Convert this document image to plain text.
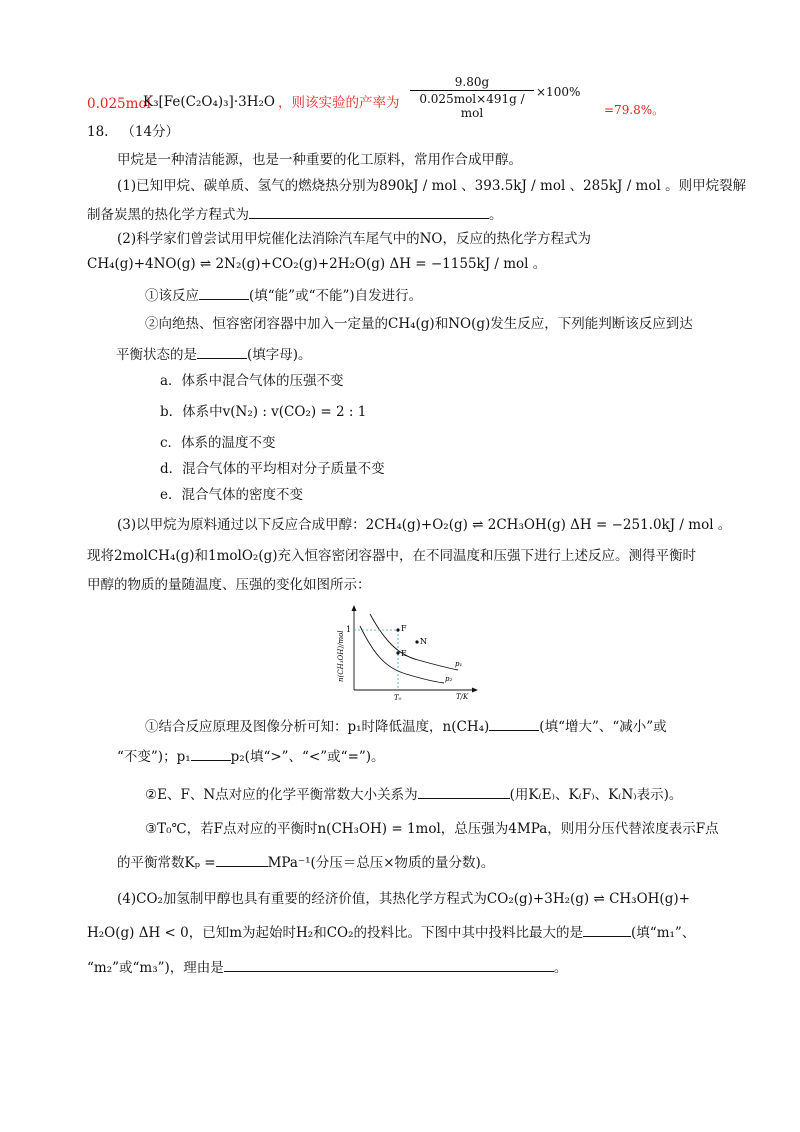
0.025mol
K₃[Fe(C₂O₄)₃]·3H₂O ，则该实验的产率为
9.80g
0.025mol×491g / mol
×100%
=79.8%。
18. （14分）
甲烷是一种清洁能源，也是一种重要的化工原料，常用作合成甲醇。
(1)已知甲烷、碳单质、氢气的燃烧热分别为890kJ / mol 、393.5kJ / mol 、285kJ / mol 。则甲烷裂解
制备炭黑的热化学方程式为	。
(2)科学家们曾尝试用甲烷催化法消除汽车尾气中的NO，反应的热化学方程式为
CH₄(g)+4NO(g) ⇌ 2N₂(g)+CO₂(g)+2H₂O(g) ΔH = −1155kJ / mol 。
①该反应	(填“能”或“不能”)自发进行。
②向绝热、恒容密闭容器中加入一定量的CH₄(g)和NO(g)发生反应，下列能判断该反应到达
平衡状态的是	(填字母)。
a．体系中混合气体的压强不变
b．体系中v(N₂) : v(CO₂) = 2 : 1
c．体系的温度不变
d．混合气体的平均相对分子质量不变
e．混合气体的密度不变
(3)以甲烷为原料通过以下反应合成甲醇：2CH₄(g)+O₂(g) ⇌ 2CH₃OH(g) ΔH = −251.0kJ / mol 。
现将2molCH₄(g)和1molO₂(g)充入恒容密闭容器中，在不同温度和压强下进行上述反应。测得平衡时
甲醇的物质的量随温度、压强的变化如图所示：
F
N
E
p₁
p₂
1
T₀	T/K
n(CH₃OH)/mol
①结合反应原理及图像分析可知：p₁时降低温度，n(CH₄)	(填“增大”、“减小”或
“不变”)；p₁	p₂(填“>”、“<”或“=”)。
②E、F、N点对应的化学平衡常数大小关系为	(用K₍E₎、K₍F₎、K₍N₎表示)。
③T₀℃，若F点对应的平衡时n(CH₃OH) = 1mol，总压强为4MPa，则用分压代替浓度表示F点
的平衡常数Kₚ =	MPa⁻¹(分压＝总压×物质的量分数)。
(4)CO₂加氢制甲醇也具有重要的经济价值，其热化学方程式为CO₂(g)+3H₂(g) ⇌ CH₃OH(g)+
H₂O(g) ΔH < 0，已知m为起始时H₂和CO₂的投料比。下图中其中投料比最大的是	(填“m₁”、
“m₂”或“m₃”)，理由是	。
